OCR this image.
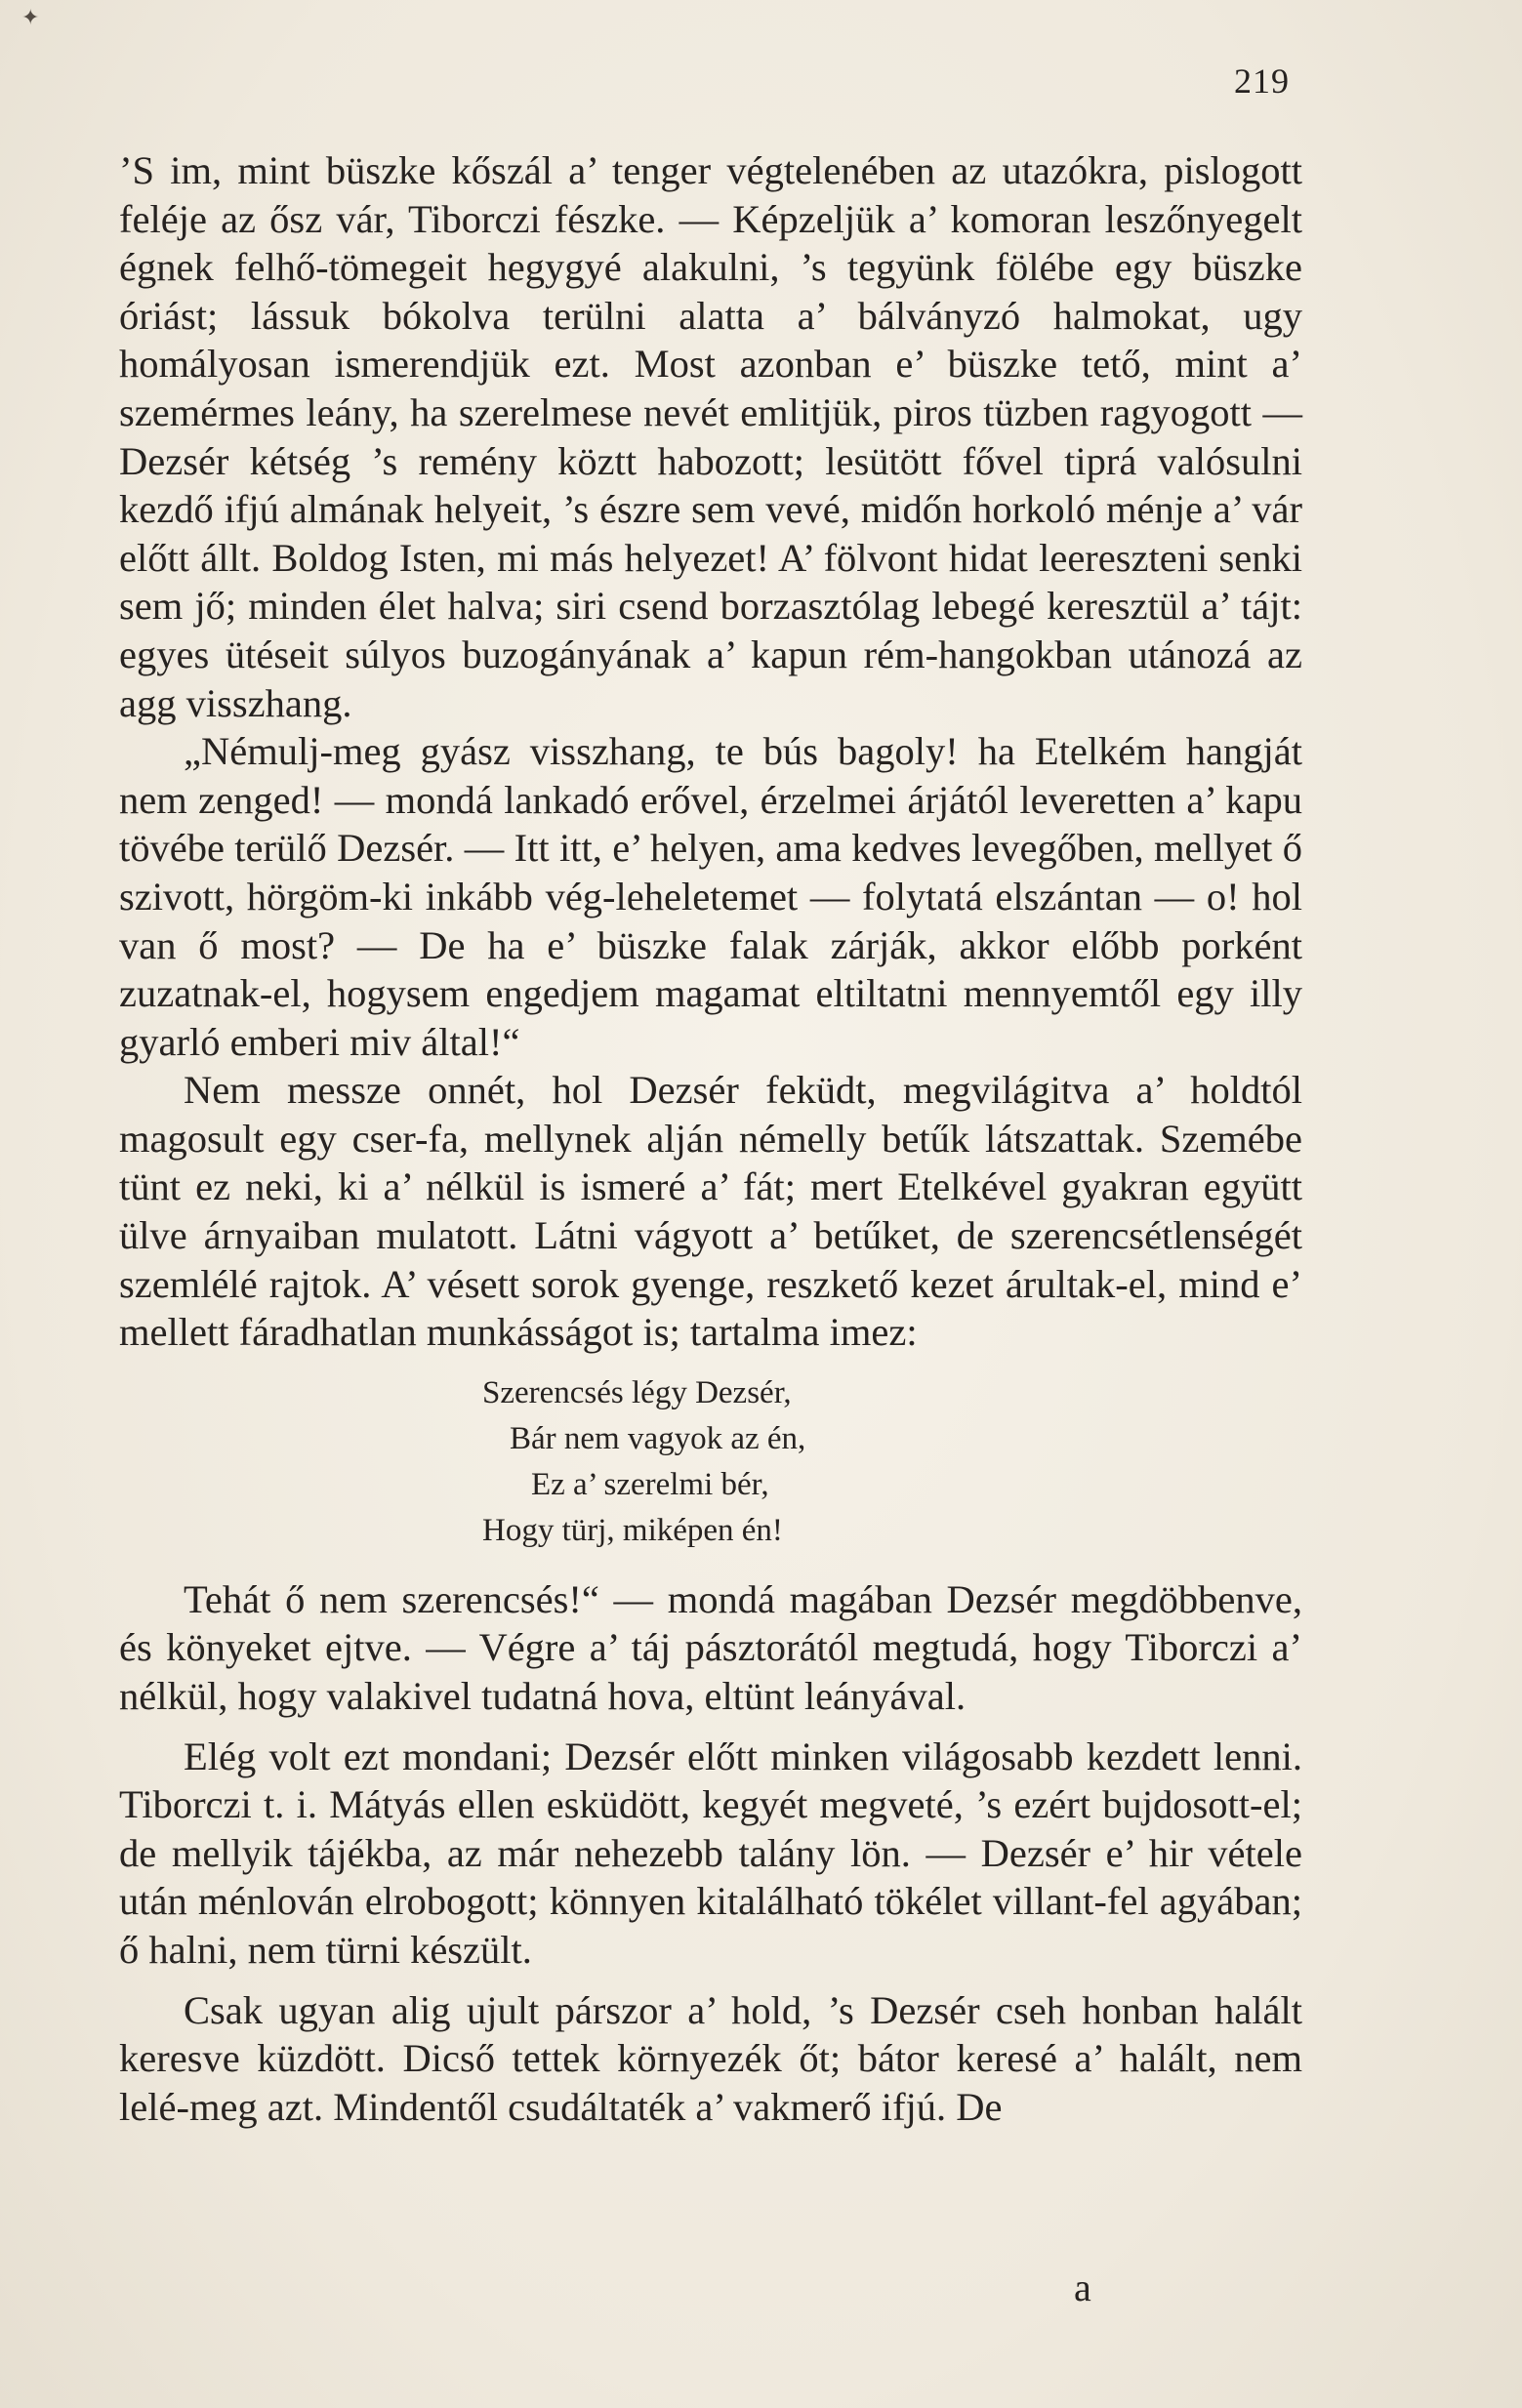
✦
219

’S im, mint büszke kőszál a’ tenger végtelenében az utazókra, pislogott feléje az ősz vár, Tiborczi fészke. — Képzeljük a’ komoran leszőnyegelt égnek felhő-tömegeit hegygyé alakulni, ’s tegyünk fölébe egy büszke óriást; lássuk bókolva terülni alatta a’ bálványzó halmokat, ugy homályosan ismerendjük ezt. Most azonban e’ büszke tető, mint a’ szemérmes leány, ha szerelmese nevét emlitjük, piros tüzben ragyogott — Dezsér kétség ’s remény köztt habozott; lesütött fővel tiprá valósulni kezdő ifjú almának helyeit, ’s észre sem vevé, midőn horkoló ménje a’ vár előtt állt. Boldog Isten, mi más helyezet! A’ fölvont hidat leereszteni senki sem jő; minden élet halva; siri csend borzasztólag lebegé keresztül a’ tájt: egyes ütéseit súlyos buzogányának a’ kapun rém-hangokban utánozá az agg visszhang.

„Némulj-meg gyász visszhang, te bús bagoly! ha Etelkém hangját nem zenged! — mondá lankadó erővel, érzelmei árjától leveretten a’ kapu tövébe terülő Dezsér. — Itt itt, e’ helyen, ama kedves levegőben, mellyet ő szivott, hörgöm-ki inkább vég-leheletemet — folytatá elszántan — o! hol van ő most? — De ha e’ büszke falak zárják, akkor előbb porként zuzatnak-el, hogysem engedjem magamat eltiltatni mennyemtől egy illy gyarló emberi miv által!“

Nem messze onnét, hol Dezsér feküdt, megvilágitva a’ holdtól magosult egy cser-fa, mellynek alján némelly betűk látszattak. Szemébe tünt ez neki, ki a’ nélkül is ismeré a’ fát; mert Etelkével gyakran együtt ülve árnyaiban mulatott. Látni vágyott a’ betűket, de szerencsétlenségét szemlélé rajtok. A’ vésett sorok gyenge, reszkető kezet árultak-el, mind e’ mellett fáradhatlan munkásságot is; tartalma imez:

Szerencsés légy Dezsér,
Bár nem vagyok az én,
Ez a’ szerelmi bér,
Hogy türj, miképen én!

Tehát ő nem szerencsés!“ — mondá magában Dezsér megdöbbenve, és könyeket ejtve. — Végre a’ táj pásztorától megtudá, hogy Tiborczi a’ nélkül, hogy valakivel tudatná hova, eltünt leányával.

Elég volt ezt mondani; Dezsér előtt minken világosabb kezdett lenni. Tiborczi t. i. Mátyás ellen esküdött, kegyét megveté, ’s ezért bujdosott-el; de mellyik tájékba, az már nehezebb talány lön. — Dezsér e’ hir vétele után ménlován elrobogott; könnyen kitalálható tökélet villant-fel agyában; ő halni, nem türni készült.

Csak ugyan alig ujult párszor a’ hold, ’s Dezsér cseh honban halált keresve küzdött. Dicső tettek környezék őt; bátor keresé a’ halált, nem lelé-meg azt. Mindentől csudáltaték a’ vakmerő ifjú. De

a
